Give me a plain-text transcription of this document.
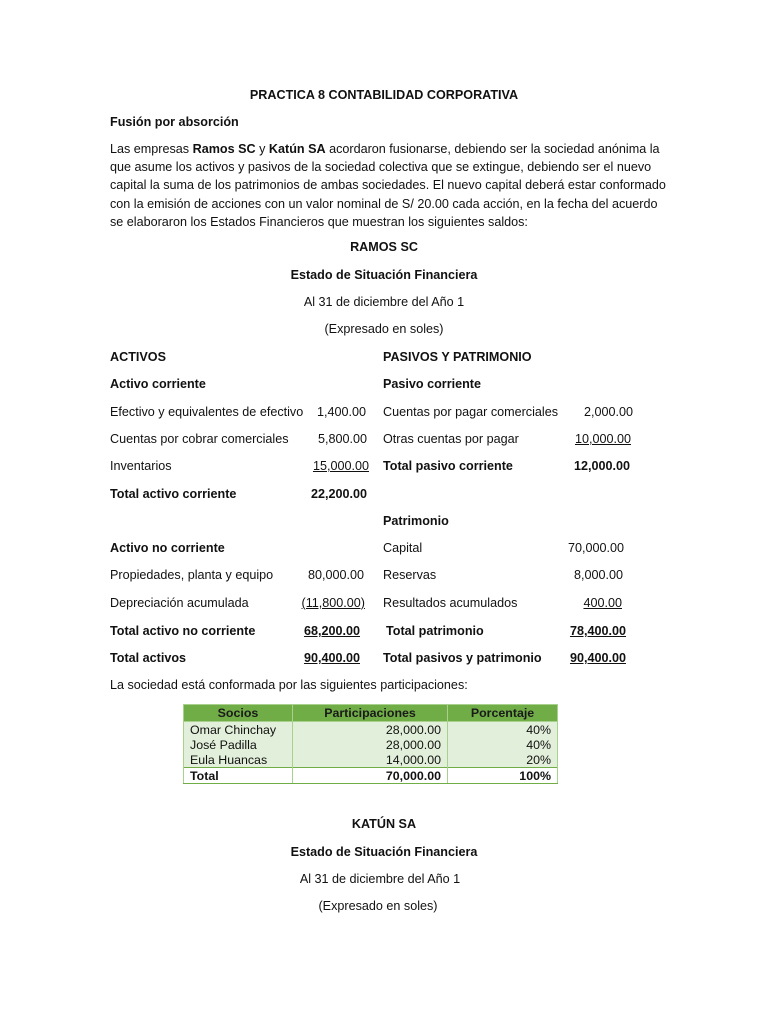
PRACTICA 8 CONTABILIDAD CORPORATIVA
Fusión por absorción
Las empresas Ramos SC y Katún SA acordaron fusionarse, debiendo ser la sociedad anónima la que asume los activos y pasivos de la sociedad colectiva que se extingue, debiendo ser el nuevo capital la suma de los patrimonios de ambas sociedades. El nuevo capital deberá estar conformado con la emisión de acciones con un valor nominal de S/ 20.00 cada acción, en la fecha del acuerdo se elaboraron los Estados Financieros que muestran los siguientes saldos:
RAMOS SC
Estado de Situación Financiera
Al 31 de diciembre del Año 1
(Expresado en soles)
ACTIVOS	PASIVOS Y PATRIMONIO
Activo corriente	Pasivo corriente
Efectivo y equivalentes de efectivo 1,400.00 Cuentas por pagar comerciales 2,000.00
Cuentas por cobrar comerciales 5,800.00 Otras cuentas por pagar	10,000.00
Inventarios	15,000.00 Total pasivo corriente	12,000.00
Total activo corriente	22,200.00
Patrimonio
Activo no corriente	Capital	70,000.00
Propiedades, planta y equipo	80,000.00 Reservas	8,000.00
Depreciación acumulada	(11,800.00) Resultados acumulados	400.00
Total activo no corriente	68,200.00 Total patrimonio	78,400.00
Total activos	90,400.00 Total pasivos y patrimonio 90,400.00
La sociedad está conformada por las siguientes participaciones:
Socios	Participaciones	Porcentaje
Omar Chinchay	28,000.00	40%
José Padilla	28,000.00	40%
Eula Huancas	14,000.00	20%
Total	70,000.00	100%
KATÚN SA
Estado de Situación Financiera
Al 31 de diciembre del Año 1
(Expresado en soles)
